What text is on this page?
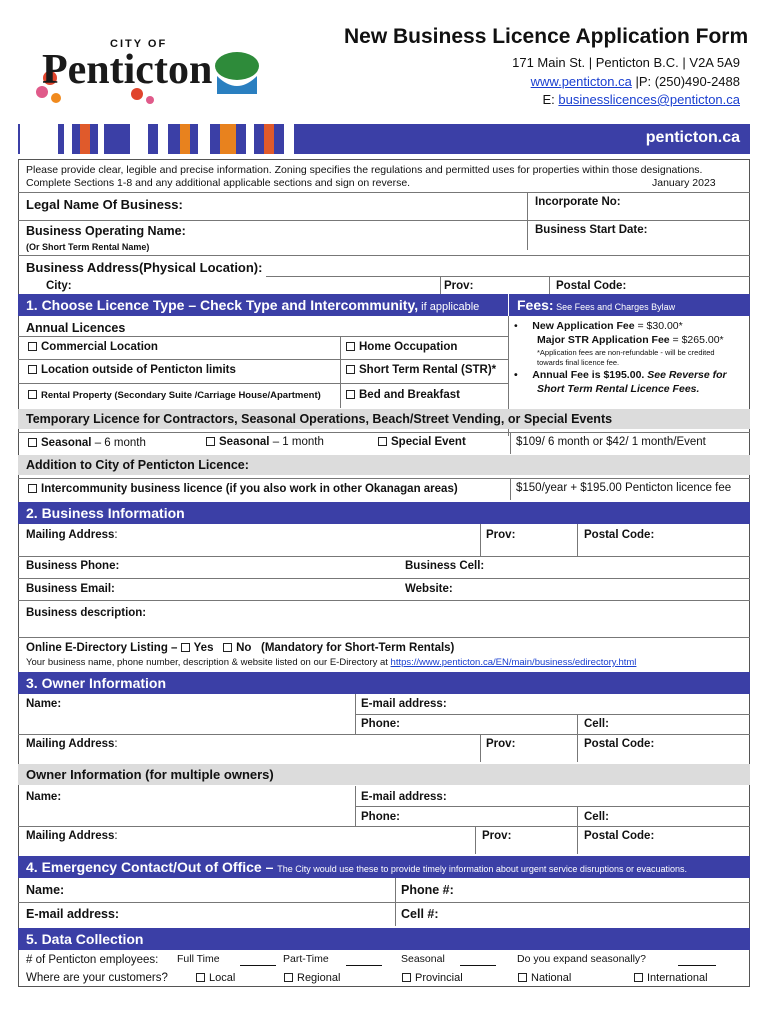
CITY OF
Penticton
New Business Licence Application Form
171 Main St. | Penticton B.C. | V2A 5A9
www.penticton.ca |P: (250)490-2488
E: businesslicences@penticton.ca
penticton.ca
Please provide clear, legible and precise information. Zoning specifies the regulations and permitted uses for properties within those designations.
Complete Sections 1-8 and any additional applicable sections and sign on reverse.	January 2023
Legal Name Of Business:	Incorporate No:
Business Operating Name:	Business Start Date:
(Or Short Term Rental Name)
Business Address(Physical Location):
City:	Prov:	Postal Code:
1. Choose Licence Type – Check Type and Intercommunity, if applicable	Fees: See Fees and Charges Bylaw
Annual Licences
Commercial Location	Home Occupation
Location outside of Penticton limits	Short Term Rental (STR)*
Rental Property (Secondary Suite /Carriage House/Apartment)	Bed and Breakfast
•     New Application Fee = $30.00*
Major STR Application Fee = $265.00*
*Application fees are non-refundable - will be credited
towards final licence fee.
•     Annual Fee is $195.00. See Reverse for
Short Term Rental Licence Fees.
Temporary Licence for Contractors, Seasonal Operations, Beach/Street Vending, or Special Events
Seasonal – 6 month	Seasonal – 1 month	Special Event	$109/ 6 month or $42/ 1 month/Event
Addition to City of Penticton Licence:
Intercommunity business licence (if you also work in other Okanagan areas)	$150/year + $195.00 Penticton licence fee
2. Business Information
Mailing Address:	Prov:	Postal Code:
Business Phone:	Business Cell:
Business Email:	Website:
Business description:
Online E-Directory Listing – Yes No (Mandatory for Short-Term Rentals)
Your business name, phone number, description & website listed on our E-Directory at https://www.penticton.ca/EN/main/business/edirectory.html
3. Owner Information
Name:	E-mail address:
Phone:	Cell:
Mailing Address:	Prov:	Postal Code:
Owner Information (for multiple owners)
Name:	E-mail address:
Phone:	Cell:
Mailing Address:	Prov:	Postal Code:
4. Emergency Contact/Out of Office – The City would use these to provide timely information about urgent service disruptions or evacuations.
Name:	Phone #:
E-mail address:	Cell #:
5. Data Collection
# of Penticton employees: Full Time	Part-Time	Seasonal	Do you expand seasonally?
Where are your customers?	Local	Regional	Provincial	National	International
